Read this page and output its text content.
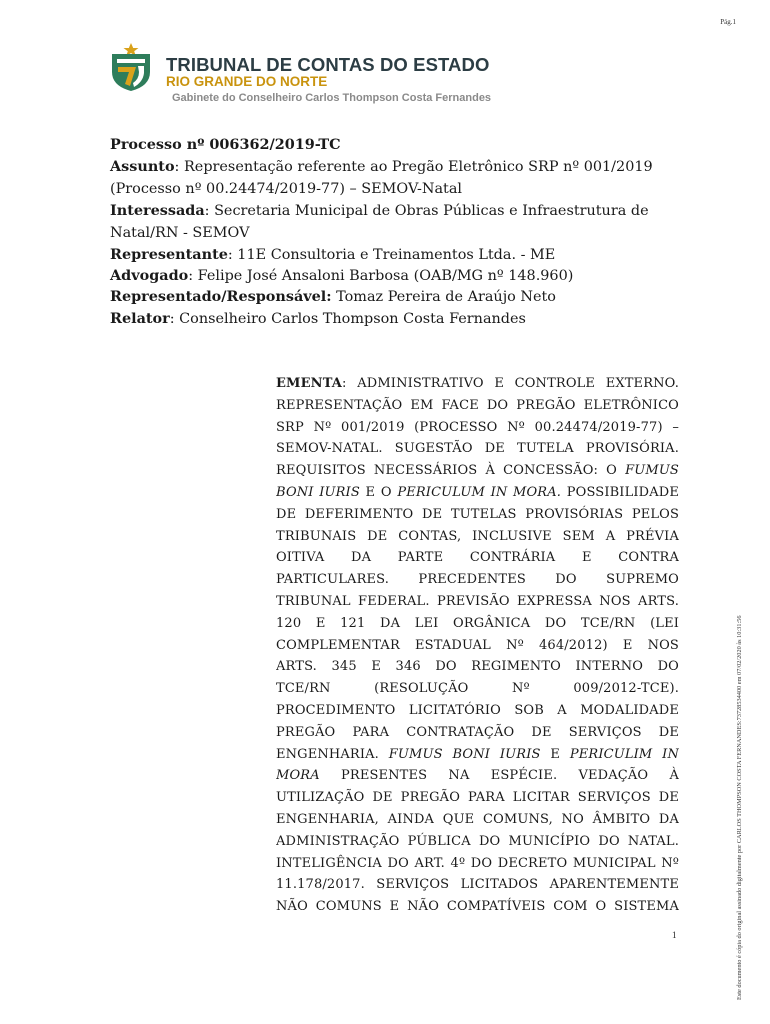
Pág.1
TRIBUNAL DE CONTAS DO ESTADO
RIO GRANDE DO NORTE
Gabinete do Conselheiro Carlos Thompson Costa Fernandes
Processo nº 006362/2019-TC
Assunto: Representação referente ao Pregão Eletrônico SRP nº 001/2019
(Processo nº 00.24474/2019-77) – SEMOV-Natal
Interessada: Secretaria Municipal de Obras Públicas e Infraestrutura de
Natal/RN - SEMOV
Representante: 11E Consultoria e Treinamentos Ltda. - ME
Advogado: Felipe José Ansaloni Barbosa (OAB/MG nº 148.960)
Representado/Responsável: Tomaz Pereira de Araújo Neto
Relator: Conselheiro Carlos Thompson Costa Fernandes
EMENTA: ADMINISTRATIVO E CONTROLE EXTERNO.
REPRESENTAÇÃO EM FACE DO PREGÃO ELETRÔNICO
SRP Nº 001/2019 (PROCESSO Nº 00.24474/2019-77) –
SEMOV-NATAL. SUGESTÃO DE TUTELA PROVISÓRIA.
REQUISITOS NECESSÁRIOS À CONCESSÃO: O FUMUS
BONI IURIS E O PERICULUM IN MORA. POSSIBILIDADE
DE DEFERIMENTO DE TUTELAS PROVISÓRIAS PELOS
TRIBUNAIS DE CONTAS, INCLUSIVE SEM A PRÉVIA
OITIVA DA PARTE CONTRÁRIA E CONTRA
PARTICULARES. PRECEDENTES DO SUPREMO
TRIBUNAL FEDERAL. PREVISÃO EXPRESSA NOS ARTS.
120 E 121 DA LEI ORGÂNICA DO TCE/RN (LEI
COMPLEMENTAR ESTADUAL Nº 464/2012) E NOS
ARTS. 345 E 346 DO REGIMENTO INTERNO DO
TCE/RN (RESOLUÇÃO Nº 009/2012-TCE).
PROCEDIMENTO LICITATÓRIO SOB A MODALIDADE
PREGÃO PARA CONTRATAÇÃO DE SERVIÇOS DE
ENGENHARIA. FUMUS BONI IURIS E PERICULIM IN
MORA PRESENTES NA ESPÉCIE. VEDAÇÃO À
UTILIZAÇÃO DE PREGÃO PARA LICITAR SERVIÇOS DE
ENGENHARIA, AINDA QUE COMUNS, NO ÂMBITO DA
ADMINISTRAÇÃO PÚBLICA DO MUNICÍPIO DO NATAL.
INTELIGÊNCIA DO ART. 4º DO DECRETO MUNICIPAL Nº
11.178/2017. SERVIÇOS LICITADOS APARENTEMENTE
NÃO COMUNS E NÃO COMPATÍVEIS COM O SISTEMA
1	Este documento é cópia do original assinado digitalmente por CARLOS THOMPSON COSTA FERNANDES:73728534400 em 07/02/2020 às 10:31:56
